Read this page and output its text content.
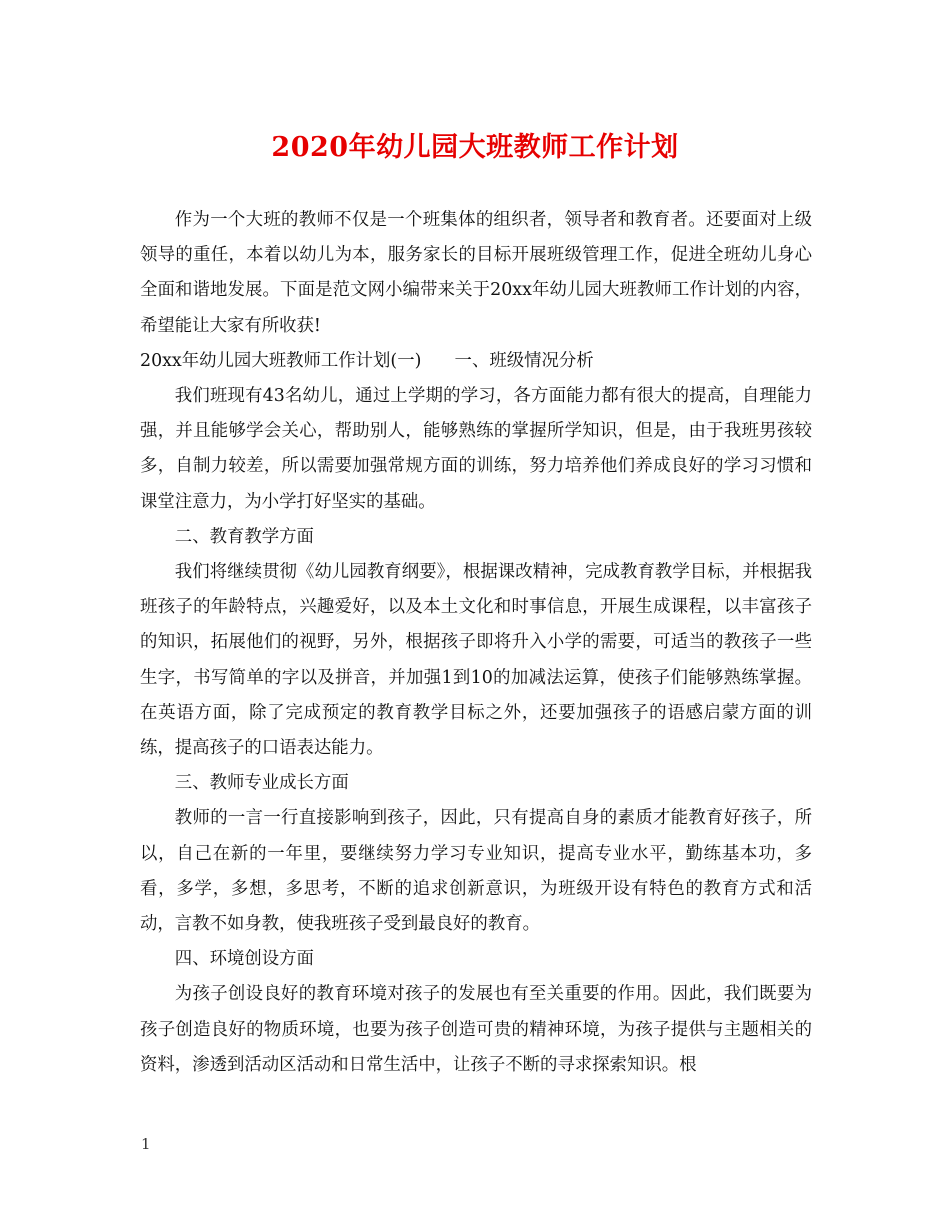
2020年幼儿园大班教师工作计划

作为一个大班的教师不仅是一个班集体的组织者，领导者和教育者。还要面对上级领导的重任，本着以幼儿为本，服务家长的目标开展班级管理工作，促进全班幼儿身心全面和谐地发展。下面是范文网小编带来关于20xx年幼儿园大班教师工作计划的内容，希望能让大家有所收获!

20xx年幼儿园大班教师工作计划(一)      一、班级情况分析

我们班现有43名幼儿，通过上学期的学习，各方面能力都有很大的提高，自理能力强，并且能够学会关心，帮助别人，能够熟练的掌握所学知识，但是，由于我班男孩较多，自制力较差，所以需要加强常规方面的训练，努力培养他们养成良好的学习习惯和课堂注意力，为小学打好坚实的基础。

二、教育教学方面

我们将继续贯彻《幼儿园教育纲要》，根据课改精神，完成教育教学目标，并根据我班孩子的年龄特点，兴趣爱好，以及本土文化和时事信息，开展生成课程，以丰富孩子的知识，拓展他们的视野，另外，根据孩子即将升入小学的需要，可适当的教孩子一些生字，书写简单的字以及拼音，并加强1到10的加减法运算，使孩子们能够熟练掌握。在英语方面，除了完成预定的教育教学目标之外，还要加强孩子的语感启蒙方面的训练，提高孩子的口语表达能力。

三、教师专业成长方面

教师的一言一行直接影响到孩子，因此，只有提高自身的素质才能教育好孩子，所以，自己在新的一年里，要继续努力学习专业知识，提高专业水平，勤练基本功，多看，多学，多想，多思考，不断的追求创新意识，为班级开设有特色的教育方式和活动，言教不如身教，使我班孩子受到最良好的教育。

四、环境创设方面

为孩子创设良好的教育环境对孩子的发展也有至关重要的作用。因此，我们既要为孩子创造良好的物质环境，也要为孩子创造可贵的精神环境，为孩子提供与主题相关的资料，渗透到活动区活动和日常生活中，让孩子不断的寻求探索知识。根

1
